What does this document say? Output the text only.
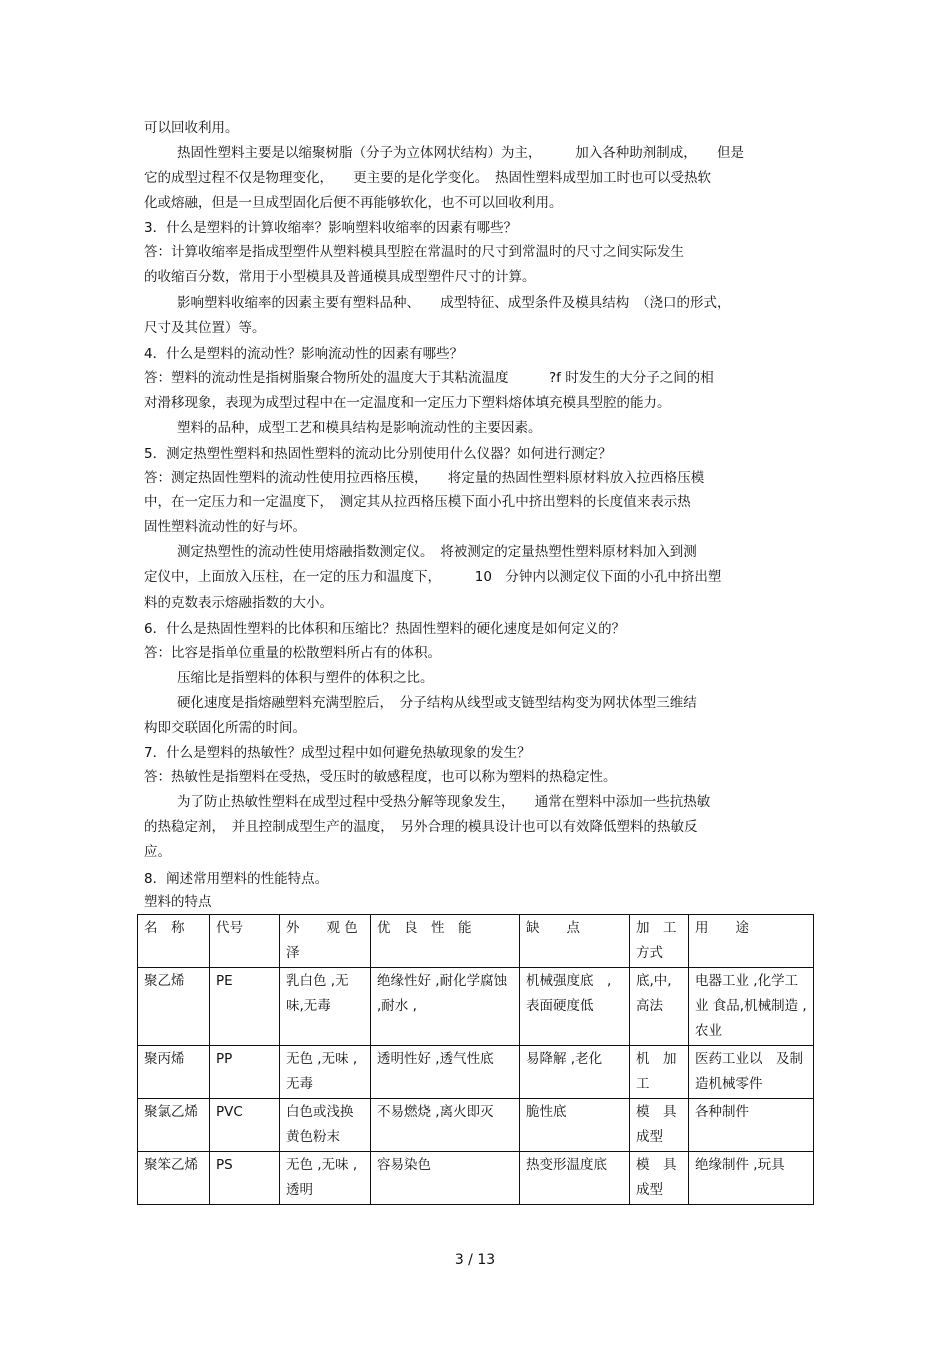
可以回收利用。
热固性塑料主要是以缩聚树脂（分子为立体网状结构）为主，　　　加入各种助剂制成，　　但是
它的成型过程不仅是物理变化，　　更主要的是化学变化。　热固性塑料成型加工时也可以受热软
化或熔融，但是一旦成型固化后便不再能够软化，也不可以回收利用。
3．什么是塑料的计算收缩率？影响塑料收缩率的因素有哪些？
答：计算收缩率是指成型塑件从塑料模具型腔在常温时的尺寸到常温时的尺寸之间实际发生
的收缩百分数，常用于小型模具及普通模具成型塑件尺寸的计算。
影响塑料收缩率的因素主要有塑料品种、　　成型特征、成型条件及模具结构　（浇口的形式，
尺寸及其位置）等。
4．什么是塑料的流动性？影响流动性的因素有哪些？
答：塑料的流动性是指树脂聚合物所处的温度大于其粘流温度　　　?f 时发生的大分子之间的相
对滑移现象，表现为成型过程中在一定温度和一定压力下塑料熔体填充模具型腔的能力。
塑料的品种，成型工艺和模具结构是影响流动性的主要因素。
5．测定热塑性塑料和热固性塑料的流动比分别使用什么仪器？如何进行测定？
答：测定热固性塑料的流动性使用拉西格压模，　　将定量的热固性塑料原材料放入拉西格压模
中，在一定压力和一定温度下，　测定其从拉西格压模下面小孔中挤出塑料的长度值来表示热
固性塑料流动性的好与坏。
测定热塑性的流动性使用熔融指数测定仪。　将被测定的定量热塑性塑料原材料加入到测
定仪中，上面放入压柱，在一定的压力和温度下，　　　10　分钟内以测定仪下面的小孔中挤出塑
料的克数表示熔融指数的大小。
6．什么是热固性塑料的比体积和压缩比？热固性塑料的硬化速度是如何定义的？
答：比容是指单位重量的松散塑料所占有的体积。
压缩比是指塑料的体积与塑件的体积之比。
硬化速度是指熔融塑料充满型腔后，　分子结构从线型或支链型结构变为网状体型三维结
构即交联固化所需的时间。
7．什么是塑料的热敏性？成型过程中如何避免热敏现象的发生？
答：热敏性是指塑料在受热，受压时的敏感程度，也可以称为塑料的热稳定性。
为了防止热敏性塑料在成型过程中受热分解等现象发生，　　通常在塑料中添加一些抗热敏
的热稳定剂，　并且控制成型生产的温度，　另外合理的模具设计也可以有效降低塑料的热敏反
应。
8．阐述常用塑料的性能特点。
塑料的特点
名　称	代号	外　　观 色　泽	优　良　性　能	缺　　点	加　工 方式	用　　途
聚乙烯	PE	乳白色 ,无味,无毒	绝缘性好 ,耐化学腐蚀 ,耐水 ,	机械强度底　,表面硬度低	底,中,高法	电器工业 ,化学工业 食品,机械制造 ,农业
聚丙烯	PP	无色 ,无味 ,无毒	透明性好 ,透气性底	易降解 ,老化	机　加工	医药工业以　及制造机械零件
聚氯乙烯	PVC	白色或浅换黄色粉末	不易燃烧 ,离火即灭	脆性底	模　具成型	各种制件
聚笨乙烯	PS	无色 ,无味 ,透明	容易染色	热变形温度底	模　具成型	绝缘制件 ,玩具
3 / 13
